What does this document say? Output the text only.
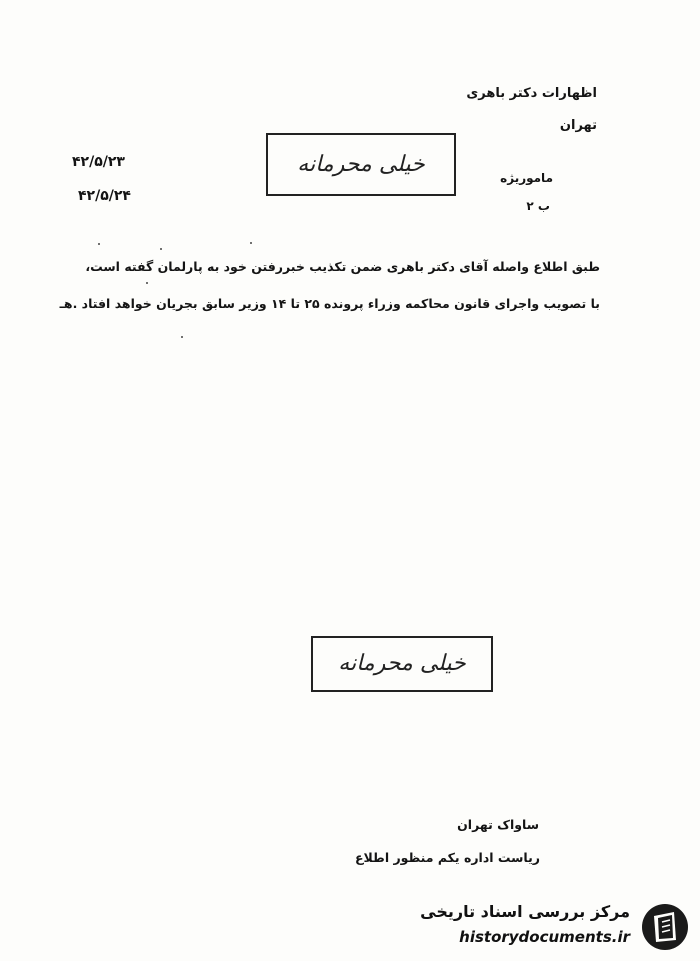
اظهارات دکتر باهری
تهران
ماموریژه
ب ۲
۴۲/۵/۲۳
۴۲/۵/۲۴
خیلی محرمانه
طبق اطلاع واصله آقای دکتر باهری ضمن تکذیب خبررفتن خود به پارلمان گفته است،
با تصویب واجرای قانون محاکمه وزراء پرونده ۲۵ تا ۱۴ وزیر سابق بجریان خواهد افتاد .هـ
خیلی محرمانه
ساواک تهران
ریاست اداره یکم منظور اطلاع
مرکز بررسی اسناد تاریخی
historydocuments.ir
